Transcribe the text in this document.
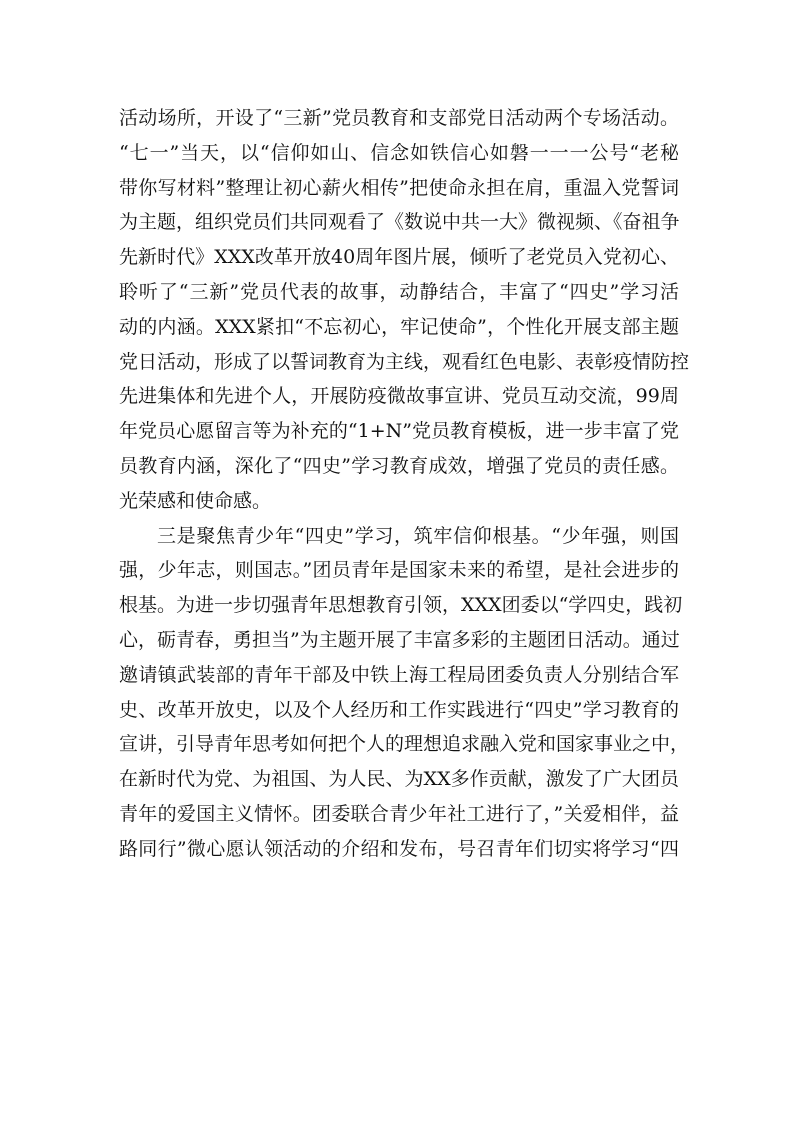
活动场所，开设了“三新”党员教育和支部党日活动两个专场活动。
“七一”当天，以“信仰如山、信念如铁信心如磐一一一公号“老秘
带你写材料”整理让初心薪火相传”把使命永担在肩，重温入党誓词
为主题，组织党员们共同观看了《数说中共一大》微视频、《奋祖争
先新时代》XXX改革开放40周年图片展，倾听了老党员入党初心、
聆听了“三新”党员代表的故事，动静结合，丰富了“四史”学习活
动的内涵。XXX紧扣“不忘初心，牢记使命”，个性化开展支部主题
党日活动，形成了以誓词教育为主线，观看红色电影、表彰疫情防控
先进集体和先进个人，开展防疫微故事宣讲、党员互动交流，99周
年党员心愿留言等为补充的“1+N”党员教育模板，进一步丰富了党
员教育内涵，深化了“四史”学习教育成效，增强了党员的责任感。
光荣感和使命感。
三是聚焦青少年“四史”学习，筑牢信仰根基。“少年强，则国
强，少年志，则国志。”团员青年是国家未来的希望，是社会进步的
根基。为进一步切强青年思想教育引领，XXX团委以“学四史，践初
心，砺青春，勇担当”为主题开展了丰富多彩的主题团日活动。通过
邀请镇武装部的青年干部及中铁上海工程局团委负责人分别结合军
史、改革开放史，以及个人经历和工作实践进行“四史”学习教育的
宣讲，引导青年思考如何把个人的理想追求融入党和国家事业之中，
在新时代为党、为祖国、为人民、为XX多作贡献，激发了广大团员
青年的爱国主义情怀。团委联合青少年社工进行了，”关爱相伴，益
路同行”微心愿认领活动的介绍和发布，号召青年们切实将学习“四
